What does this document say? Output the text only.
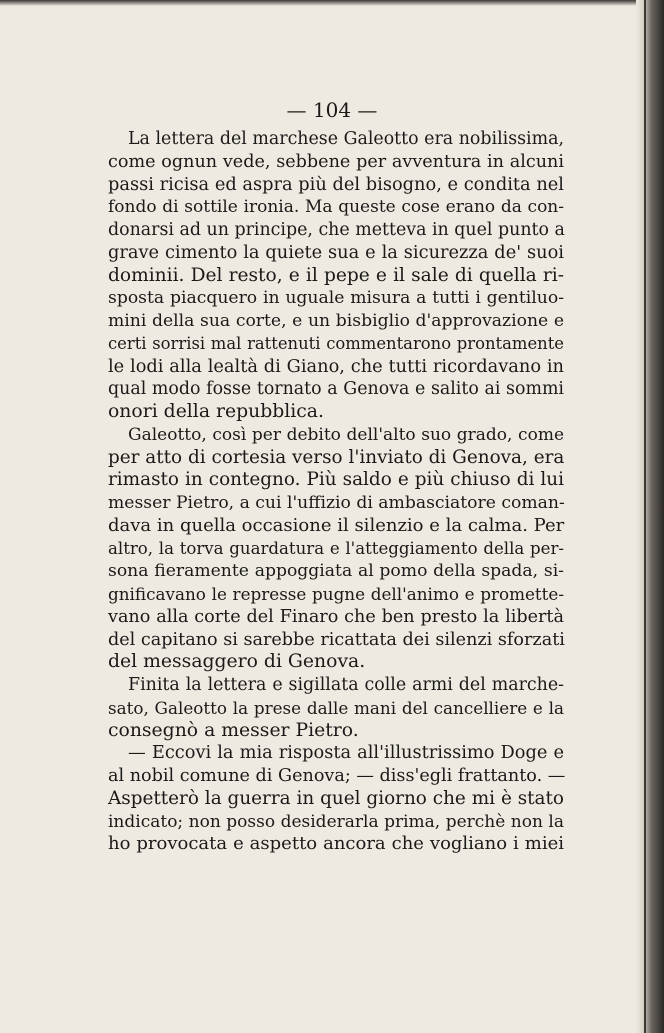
— 104 —
La lettera del marchese Galeotto era nobilissima,
come ognun vede, sebbene per avventura in alcuni
passi ricisa ed aspra più del bisogno, e condita nel
fondo di sottile ironia. Ma queste cose erano da con-
donarsi ad un principe, che metteva in quel punto a
grave cimento la quiete sua e la sicurezza de' suoi
dominii. Del resto, e il pepe e il sale di quella ri-
sposta piacquero in uguale misura a tutti i gentiluo-
mini della sua corte, e un bisbiglio d'approvazione e
certi sorrisi mal rattenuti commentarono prontamente
le lodi alla lealtà di Giano, che tutti ricordavano in
qual modo fosse tornato a Genova e salito ai sommi
onori della repubblica.
Galeotto, così per debito dell'alto suo grado, come
per atto di cortesia verso l'inviato di Genova, era
rimasto in contegno. Più saldo e più chiuso di lui
messer Pietro, a cui l'uffizio di ambasciatore coman-
dava in quella occasione il silenzio e la calma. Per
altro, la torva guardatura e l'atteggiamento della per-
sona fieramente appoggiata al pomo della spada, si-
gnificavano le represse pugne dell'animo e promette-
vano alla corte del Finaro che ben presto la libertà
del capitano si sarebbe ricattata dei silenzi sforzati
del messaggero di Genova.
Finita la lettera e sigillata colle armi del marche-
sato, Galeotto la prese dalle mani del cancelliere e la
consegnò a messer Pietro.
— Eccovi la mia risposta all'illustrissimo Doge e
al nobil comune di Genova; — diss'egli frattanto. —
Aspetterò la guerra in quel giorno che mi è stato
indicato; non posso desiderarla prima, perchè non la
ho provocata e aspetto ancora che vogliano i miei
